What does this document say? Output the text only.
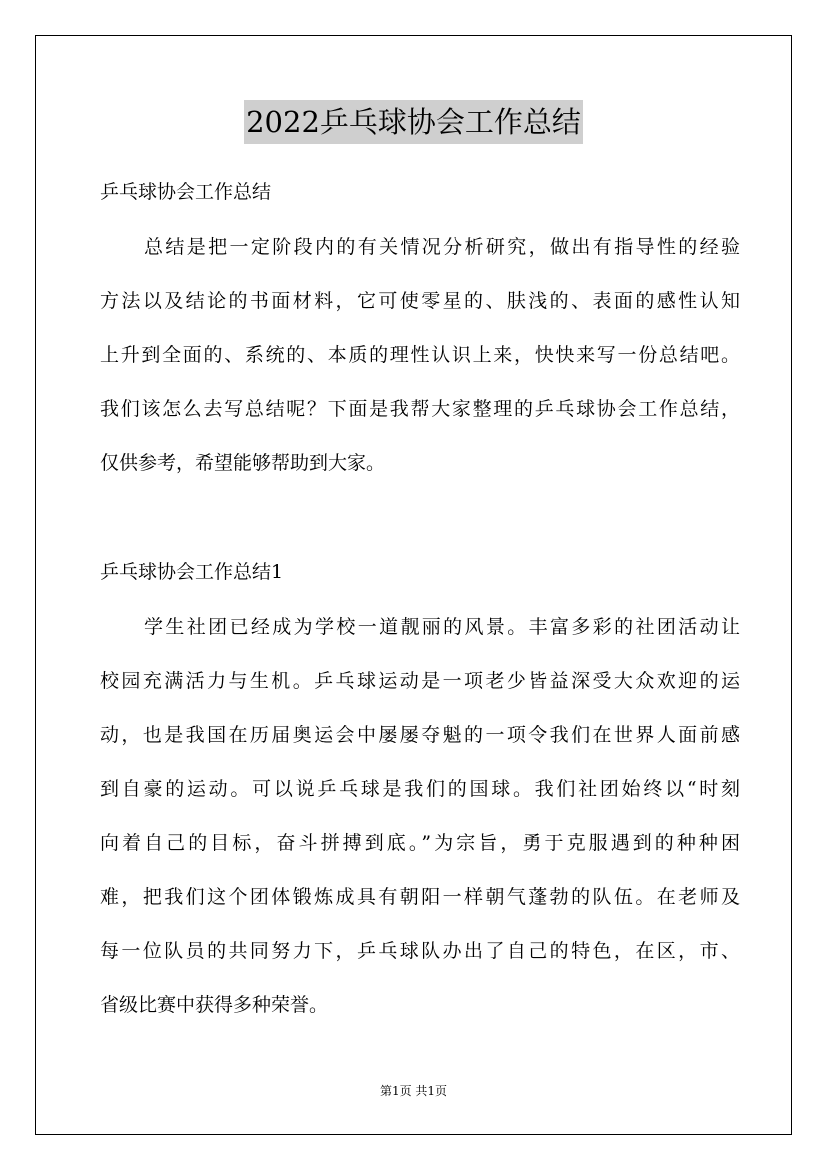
2022乒乓球协会工作总结

乒乓球协会工作总结

总结是把一定阶段内的有关情况分析研究，做出有指导性的经验
方法以及结论的书面材料，它可使零星的、肤浅的、表面的感性认知
上升到全面的、系统的、本质的理性认识上来，快快来写一份总结吧。
我们该怎么去写总结呢？下面是我帮大家整理的乒乓球协会工作总结，
仅供参考，希望能够帮助到大家。

乒乓球协会工作总结1

学生社团已经成为学校一道靓丽的风景。丰富多彩的社团活动让
校园充满活力与生机。乒乓球运动是一项老少皆益深受大众欢迎的运
动，也是我国在历届奥运会中屡屡夺魁的一项令我们在世界人面前感
到自豪的运动。可以说乒乓球是我们的国球。我们社团始终以“时刻
向着自己的目标，奋斗拼搏到底。”为宗旨，勇于克服遇到的种种困
难，把我们这个团体锻炼成具有朝阳一样朝气蓬勃的队伍。在老师及
每一位队员的共同努力下，乒乓球队办出了自己的特色，在区，市、
省级比赛中获得多种荣誉。
第1页 共1页
